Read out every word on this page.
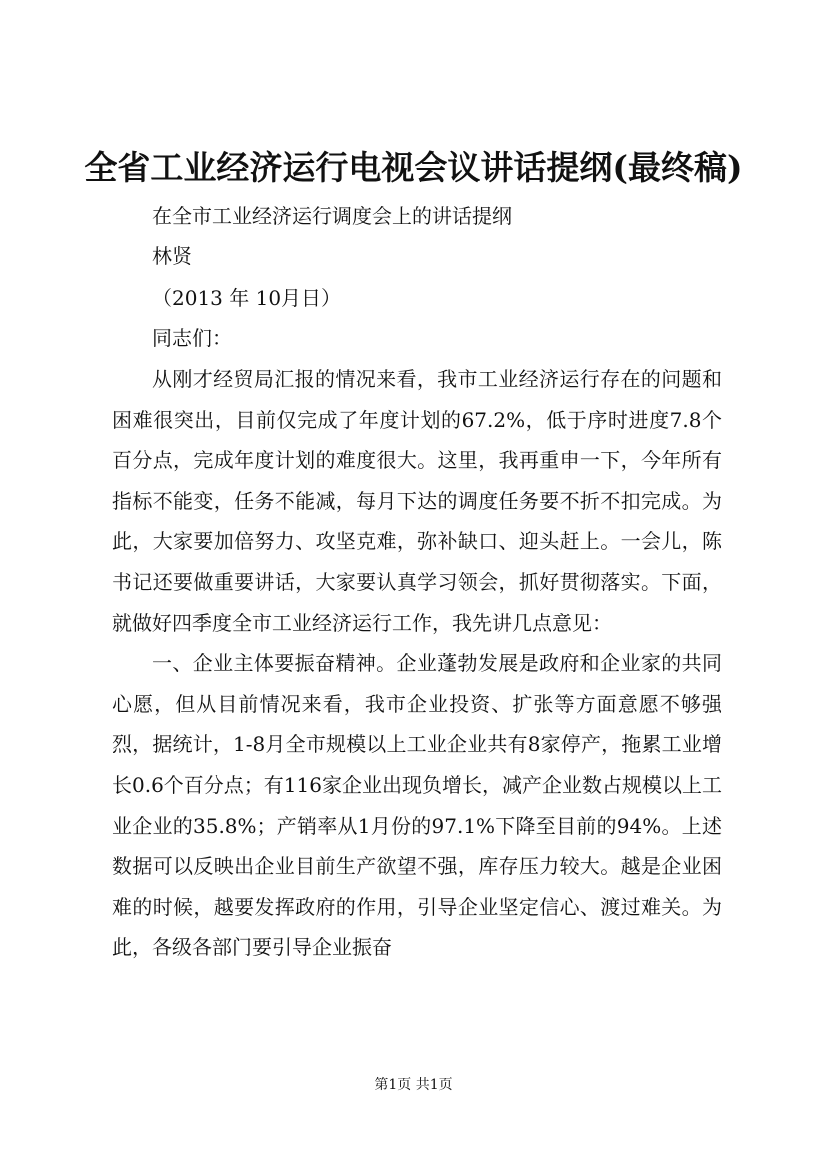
全省工业经济运行电视会议讲话提纲(最终稿)
在全市工业经济运行调度会上的讲话提纲
林贤
（2013 年 10月日）
同志们：

从刚才经贸局汇报的情况来看，我市工业经济运行存在的问题和困难很突出，目前仅完成了年度计划的67.2%，低于序时进度7.8个百分点，完成年度计划的难度很大。这里，我再重申一下，今年所有指标不能变，任务不能减，每月下达的调度任务要不折不扣完成。为此，大家要加倍努力、攻坚克难，弥补缺口、迎头赶上。一会儿，陈书记还要做重要讲话，大家要认真学习领会，抓好贯彻落实。下面，就做好四季度全市工业经济运行工作，我先讲几点意见：

一、企业主体要振奋精神。企业蓬勃发展是政府和企业家的共同心愿，但从目前情况来看，我市企业投资、扩张等方面意愿不够强烈，据统计，1-8月全市规模以上工业企业共有8家停产，拖累工业增长0.6个百分点；有116家企业出现负增长，减产企业数占规模以上工业企业的35.8%；产销率从1月份的97.1%下降至目前的94%。上述数据可以反映出企业目前生产欲望不强，库存压力较大。越是企业困难的时候，越要发挥政府的作用，引导企业坚定信心、渡过难关。为此，各级各部门要引导企业振奋

第1页 共1页
